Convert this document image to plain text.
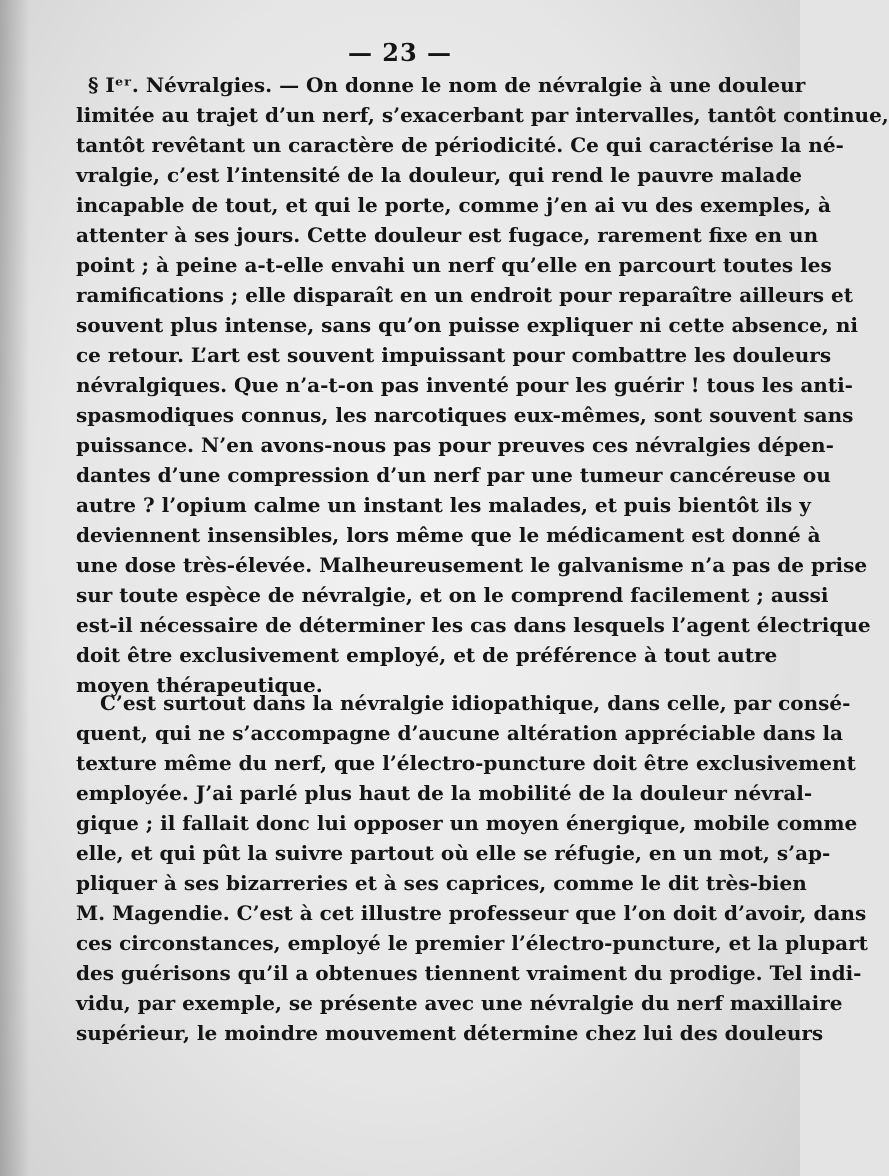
— 23 —
§ Iᵉʳ. Névralgies. — On donne le nom de névralgie à une douleur
limitée au trajet d’un nerf, s’exacerbant par intervalles, tantôt continue,
tantôt revêtant un caractère de périodicité. Ce qui caractérise la né-
vralgie, c’est l’intensité de la douleur, qui rend le pauvre malade
incapable de tout, et qui le porte, comme j’en ai vu des exemples, à
attenter à ses jours. Cette douleur est fugace, rarement fixe en un
point ; à peine a-t-elle envahi un nerf qu’elle en parcourt toutes les
ramifications ; elle disparaît en un endroit pour reparaître ailleurs et
souvent plus intense, sans qu’on puisse expliquer ni cette absence, ni
ce retour. L’art est souvent impuissant pour combattre les douleurs
névralgiques. Que n’a-t-on pas inventé pour les guérir ! tous les anti-
spasmodiques connus, les narcotiques eux-mêmes, sont souvent sans
puissance. N’en avons-nous pas pour preuves ces névralgies dépen-
dantes d’une compression d’un nerf par une tumeur cancéreuse ou
autre ? l’opium calme un instant les malades, et puis bientôt ils y
deviennent insensibles, lors même que le médicament est donné à
une dose très-élevée. Malheureusement le galvanisme n’a pas de prise
sur toute espèce de névralgie, et on le comprend facilement ; aussi
est-il nécessaire de déterminer les cas dans lesquels l’agent électrique
doit être exclusivement employé, et de préférence à tout autre
moyen thérapeutique.
C’est surtout dans la névralgie idiopathique, dans celle, par consé-
quent, qui ne s’accompagne d’aucune altération appréciable dans la
texture même du nerf, que l’électro-puncture doit être exclusivement
employée. J’ai parlé plus haut de la mobilité de la douleur névral-
gique ; il fallait donc lui opposer un moyen énergique, mobile comme
elle, et qui pût la suivre partout où elle se réfugie, en un mot, s’ap-
pliquer à ses bizarreries et à ses caprices, comme le dit très-bien
M. Magendie. C’est à cet illustre professeur que l’on doit d’avoir, dans
ces circonstances, employé le premier l’électro-puncture, et la plupart
des guérisons qu’il a obtenues tiennent vraiment du prodige. Tel indi-
vidu, par exemple, se présente avec une névralgie du nerf maxillaire
supérieur, le moindre mouvement détermine chez lui des douleurs
